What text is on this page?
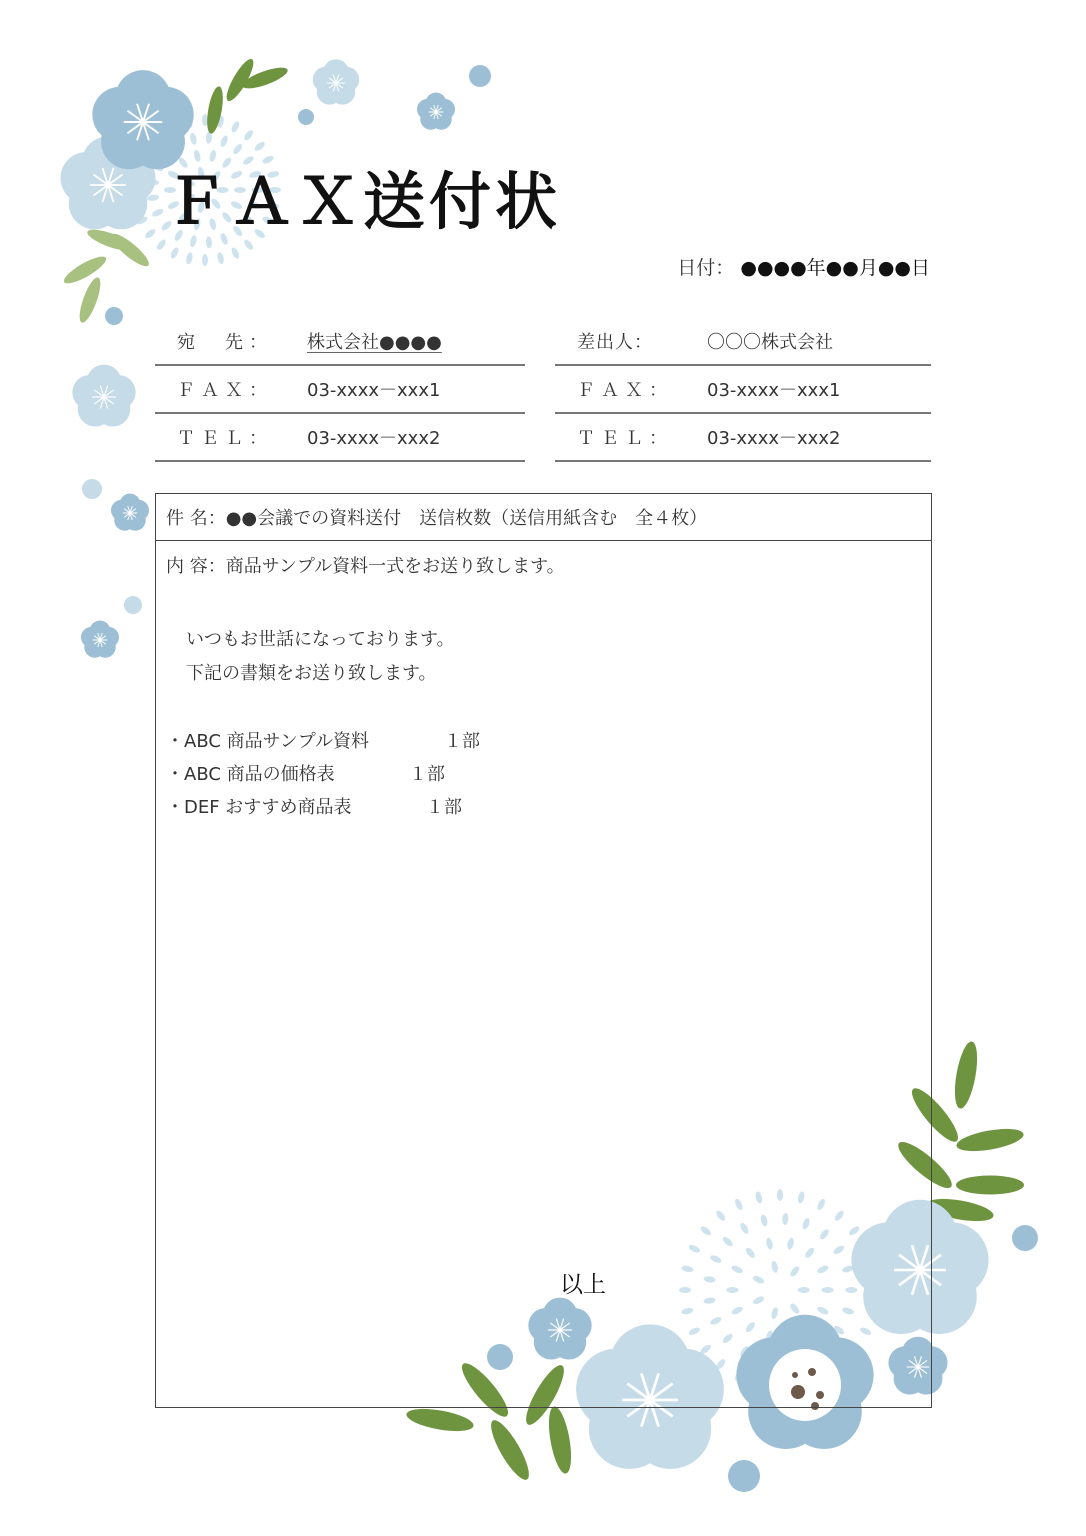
ＦＡＸ送付状
日付： ●●●●年●●月●●日
宛　先：	株式会社●●●●
ＦＡＸ：	03-xxxx－xxx1
ＴＥＬ：	03-xxxx－xxx2
差出人：	〇〇〇株式会社
ＦＡＸ：	03-xxxx－xxx1
ＴＥＬ：	03-xxxx－xxx2
件 名：●●会議での資料送付　送信枚数（送信用紙含む　全４枚）
内 容：商品サンプル資料一式をお送り致します。
いつもお世話になっております。
下記の書類をお送り致します。
・ABC 商品サンプル資料	１部
・ABC 商品の価格表	１部
・DEF おすすめ商品表	１部
以上
